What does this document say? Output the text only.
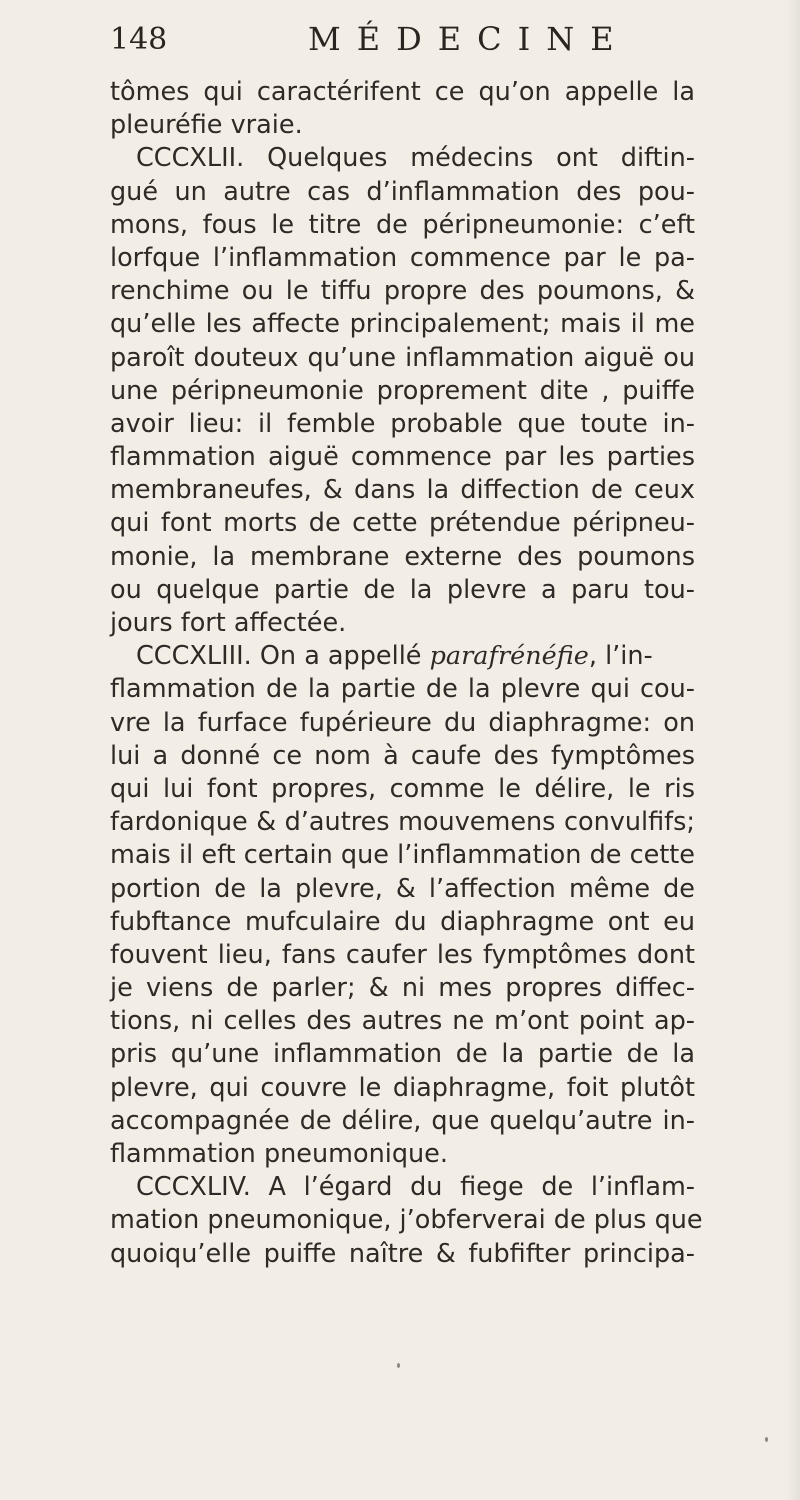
148	MÉDECINE
tômes qui caractérifent ce qu’on appelle la
pleuréfie vraie.
CCCXLII. Quelques médecins ont diftin-
gué un autre cas d’inflammation des pou-
mons, fous le titre de péripneumonie: c’eft
lorfque l’inflammation commence par le pa-
renchime ou le tiffu propre des poumons, &
qu’elle les affecte principalement; mais il me
paroît douteux qu’une inflammation aiguë ou
une péripneumonie proprement dite , puiffe
avoir lieu: il femble probable que toute in-
flammation aiguë commence par les parties
membraneufes, & dans la diffection de ceux
qui font morts de cette prétendue péripneu-
monie, la membrane externe des poumons
ou quelque partie de la plevre a paru tou-
jours fort affectée.
CCCXLIII. On a appellé parafrénéfie, l’in-
flammation de la partie de la plevre qui cou-
vre la furface fupérieure du diaphragme: on
lui a donné ce nom à caufe des fymptômes
qui lui font propres, comme le délire, le ris
fardonique & d’autres mouvemens convulfifs;
mais il eft certain que l’inflammation de cette
portion de la plevre, & l’affection même de
fubftance mufculaire du diaphragme ont eu
fouvent lieu, fans caufer les fymptômes dont
je viens de parler; & ni mes propres diffec-
tions, ni celles des autres ne m’ont point ap-
pris qu’une inflammation de la partie de la
plevre, qui couvre le diaphragme, foit plutôt
accompagnée de délire, que quelqu’autre in-
flammation pneumonique.
CCCXLIV. A l’égard du fiege de l’inflam-
mation pneumonique, j’obferverai de plus que
quoiqu’elle puiffe naître & fubfifter principa-
